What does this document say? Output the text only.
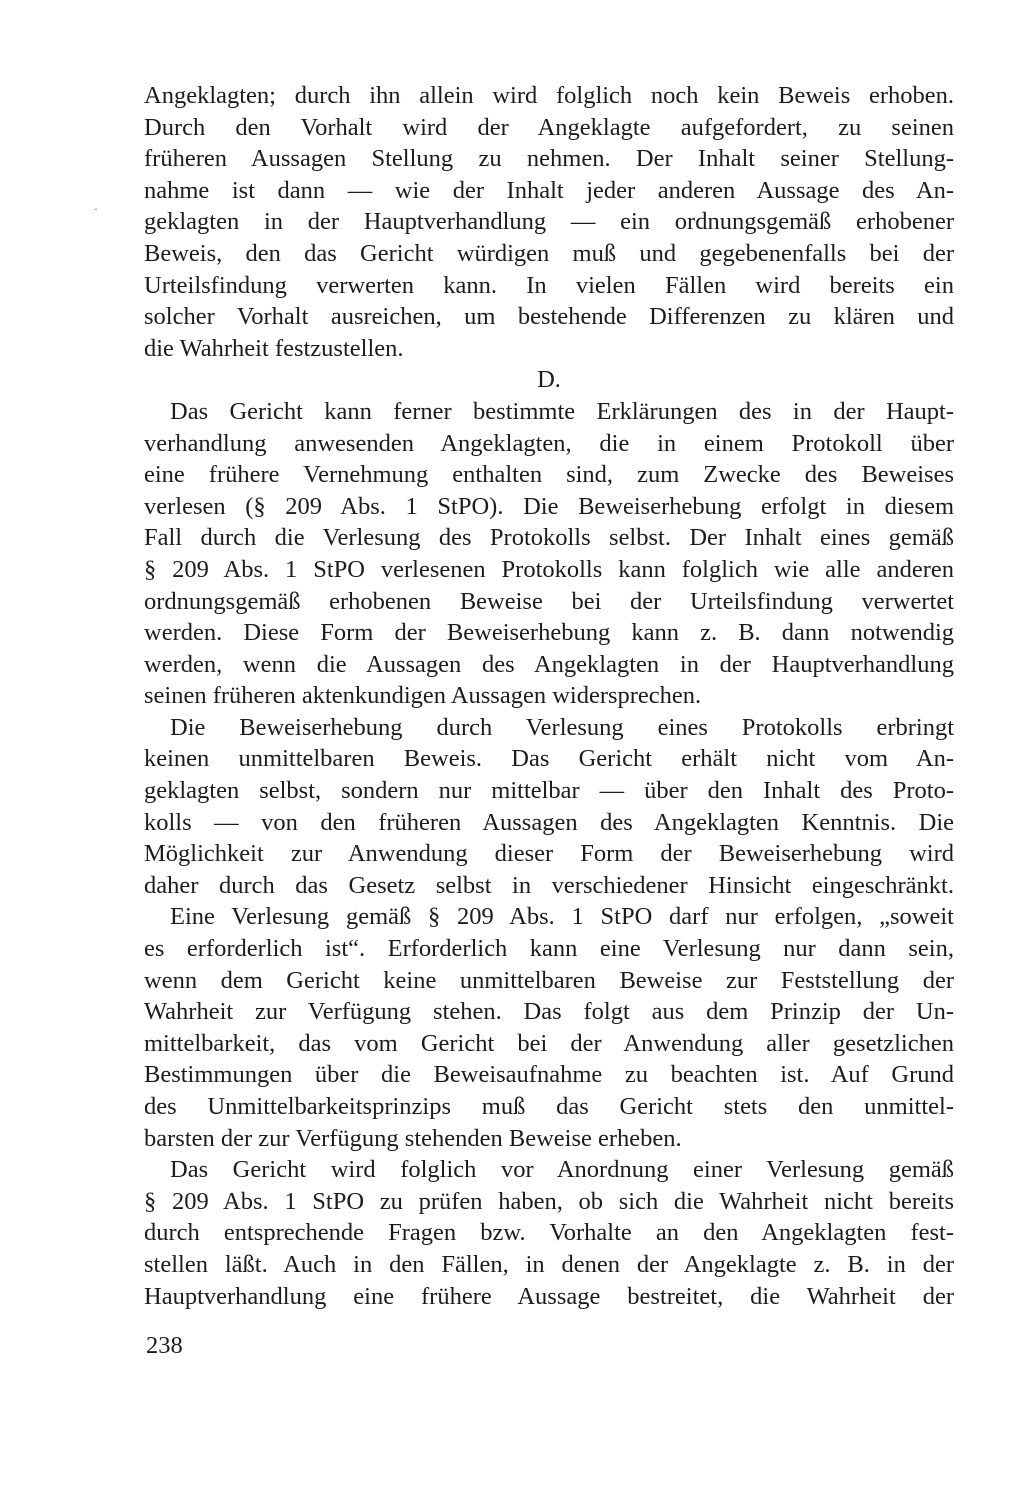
ˇ
Angeklagten; durch ihn allein wird folglich noch kein Beweis erhoben.
Durch den Vorhalt wird der Angeklagte aufgefordert, zu seinen
früheren Aussagen Stellung zu nehmen. Der Inhalt seiner Stellung-
nahme ist dann — wie der Inhalt jeder anderen Aussage des An-
geklagten in der Hauptverhandlung — ein ordnungsgemäß erhobener
Beweis, den das Gericht würdigen muß und gegebenenfalls bei der
Urteilsfindung verwerten kann. In vielen Fällen wird bereits ein
solcher Vorhalt ausreichen, um bestehende Differenzen zu klären und
die Wahrheit festzustellen.
D.
Das Gericht kann ferner bestimmte Erklärungen des in der Haupt-
verhandlung anwesenden Angeklagten, die in einem Protokoll über
eine frühere Vernehmung enthalten sind, zum Zwecke des Beweises
verlesen (§ 209 Abs. 1 StPO). Die Beweiserhebung erfolgt in diesem
Fall durch die Verlesung des Protokolls selbst. Der Inhalt eines gemäß
§ 209 Abs. 1 StPO verlesenen Protokolls kann folglich wie alle anderen
ordnungsgemäß erhobenen Beweise bei der Urteilsfindung verwertet
werden. Diese Form der Beweiserhebung kann z. B. dann notwendig
werden, wenn die Aussagen des Angeklagten in der Hauptverhandlung
seinen früheren aktenkundigen Aussagen widersprechen.
Die Beweiserhebung durch Verlesung eines Protokolls erbringt
keinen unmittelbaren Beweis. Das Gericht erhält nicht vom An-
geklagten selbst, sondern nur mittelbar — über den Inhalt des Proto-
kolls — von den früheren Aussagen des Angeklagten Kenntnis. Die
Möglichkeit zur Anwendung dieser Form der Beweiserhebung wird
daher durch das Gesetz selbst in verschiedener Hinsicht eingeschränkt.
Eine Verlesung gemäß § 209 Abs. 1 StPO darf nur erfolgen, „soweit
es erforderlich ist“. Erforderlich kann eine Verlesung nur dann sein,
wenn dem Gericht keine unmittelbaren Beweise zur Feststellung der
Wahrheit zur Verfügung stehen. Das folgt aus dem Prinzip der Un-
mittelbarkeit, das vom Gericht bei der Anwendung aller gesetzlichen
Bestimmungen über die Beweisaufnahme zu beachten ist. Auf Grund
des Unmittelbarkeitsprinzips muß das Gericht stets den unmittel-
barsten der zur Verfügung stehenden Beweise erheben.
Das Gericht wird folglich vor Anordnung einer Verlesung gemäß
§ 209 Abs. 1 StPO zu prüfen haben, ob sich die Wahrheit nicht bereits
durch entsprechende Fragen bzw. Vorhalte an den Angeklagten fest-
stellen läßt. Auch in den Fällen, in denen der Angeklagte z. B. in der
Hauptverhandlung eine frühere Aussage bestreitet, die Wahrheit der
238
